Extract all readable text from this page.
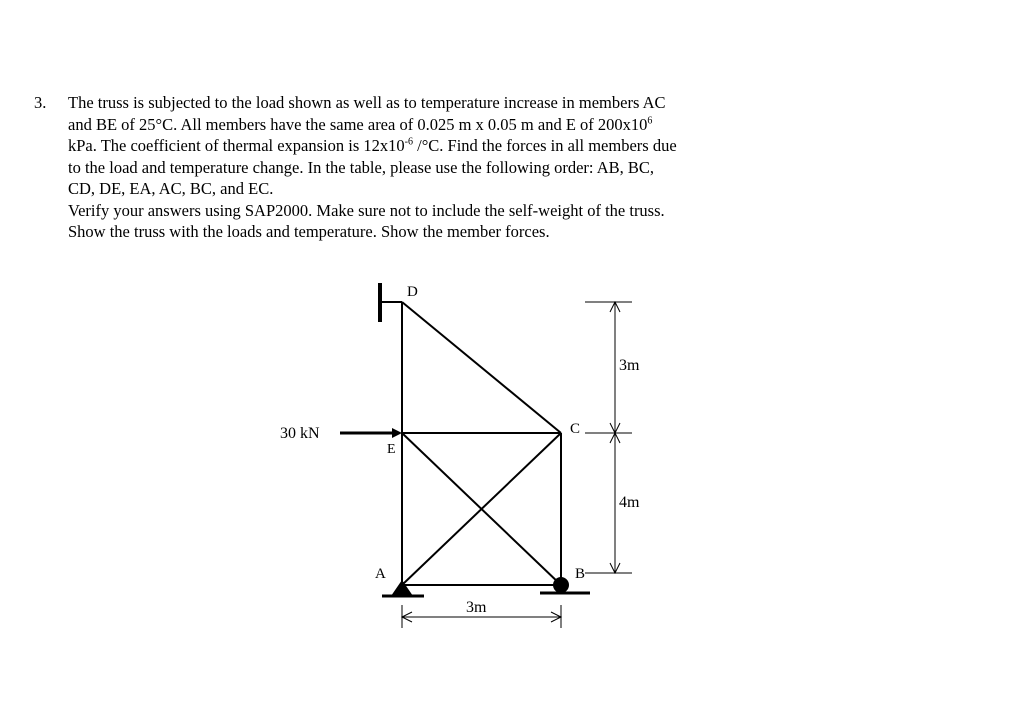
3.	The truss is subjected to the load shown as well as to temperature increase in members AC
and BE of 25°C. All members have the same area of 0.025 m x 0.05 m and E of $200x10^6$
kPa. The coefficient of thermal expansion is $12x10^{-6}$ /°C. Find the forces in all members due
to the load and temperature change. In the table, please use the following order: AB, BC,
CD, DE, EA, AC, BC, and EC.
Verify your answers using SAP2000. Make sure not to include the self-weight of the truss.
Show the truss with the loads and temperature. Show the member forces.
30 kN
D
E
C
A	B
3m
4m
3m
